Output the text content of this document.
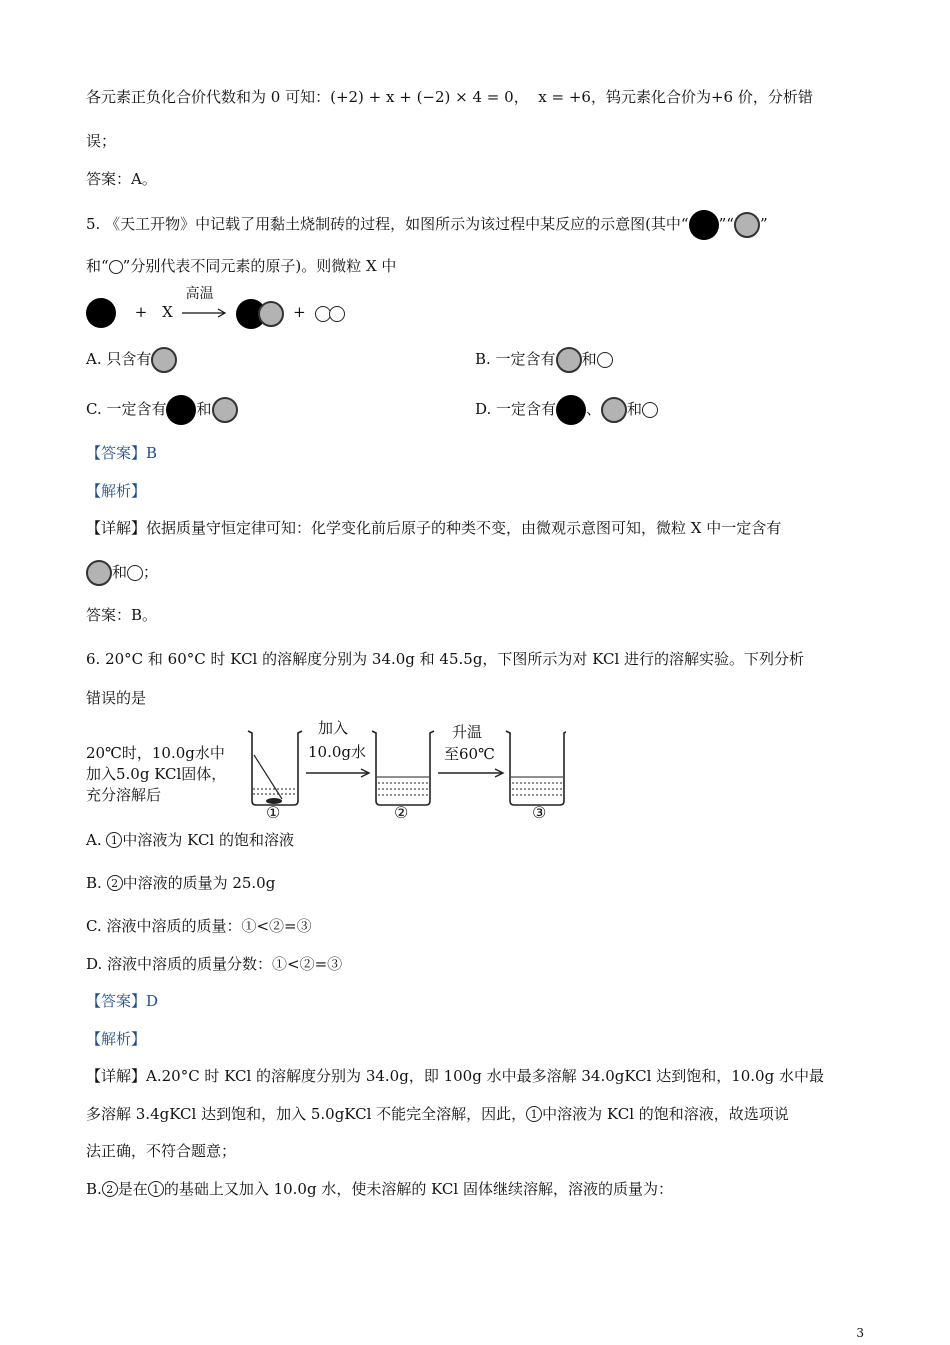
各元素正负化合价代数和为 0 可知：(+2) + x + (−2) × 4 = 0， x = +6，钨元素化合价为+6 价，分析错
误；
答案：A。
5. 《天工开物》中记载了用黏土烧制砖的过程，如图所示为该过程中某反应的示意图(其中“ ”“ ”
和“ ”分别代表不同元素的原子)。则微粒 X 中
+ X
高温
+
A. 只含有	B. 一定含有 和
C. 一定含有 和	D. 一定含有 、 和
【答案】B
【解析】
【详解】依据质量守恒定律可知：化学变化前后原子的种类不变，由微观示意图可知，微粒 X 中一定含有
和 ；
答案：B。
6. 20°C 和 60°C 时 KCl 的溶解度分别为 34.0g 和 45.5g，下图所示为对 KCl 进行的溶解实验。下列分析
错误的是
20℃时，10.0g水中
加入5.0g KCl固体，
充分溶解后
加入
10.0g水
升温
至60℃
①	②	③
A. 1 中溶液为 KCl 的饱和溶液
B. 2 中溶液的质量为 25.0g
C. 溶液中溶质的质量：①<②=③
D. 溶液中溶质的质量分数：①<②=③
【答案】D
【解析】
【详解】A.20°C 时 KCl 的溶解度分别为 34.0g，即 100g 水中最多溶解 34.0gKCl 达到饱和，10.0g 水中最
多溶解 3.4gKCl 达到饱和，加入 5.0gKCl 不能完全溶解，因此， 1 中溶液为 KCl 的饱和溶液，故选项说
法正确，不符合题意；
B. 2 是在 1 的基础上又加入 10.0g 水，使未溶解的 KCl 固体继续溶解，溶液的质量为：
3
